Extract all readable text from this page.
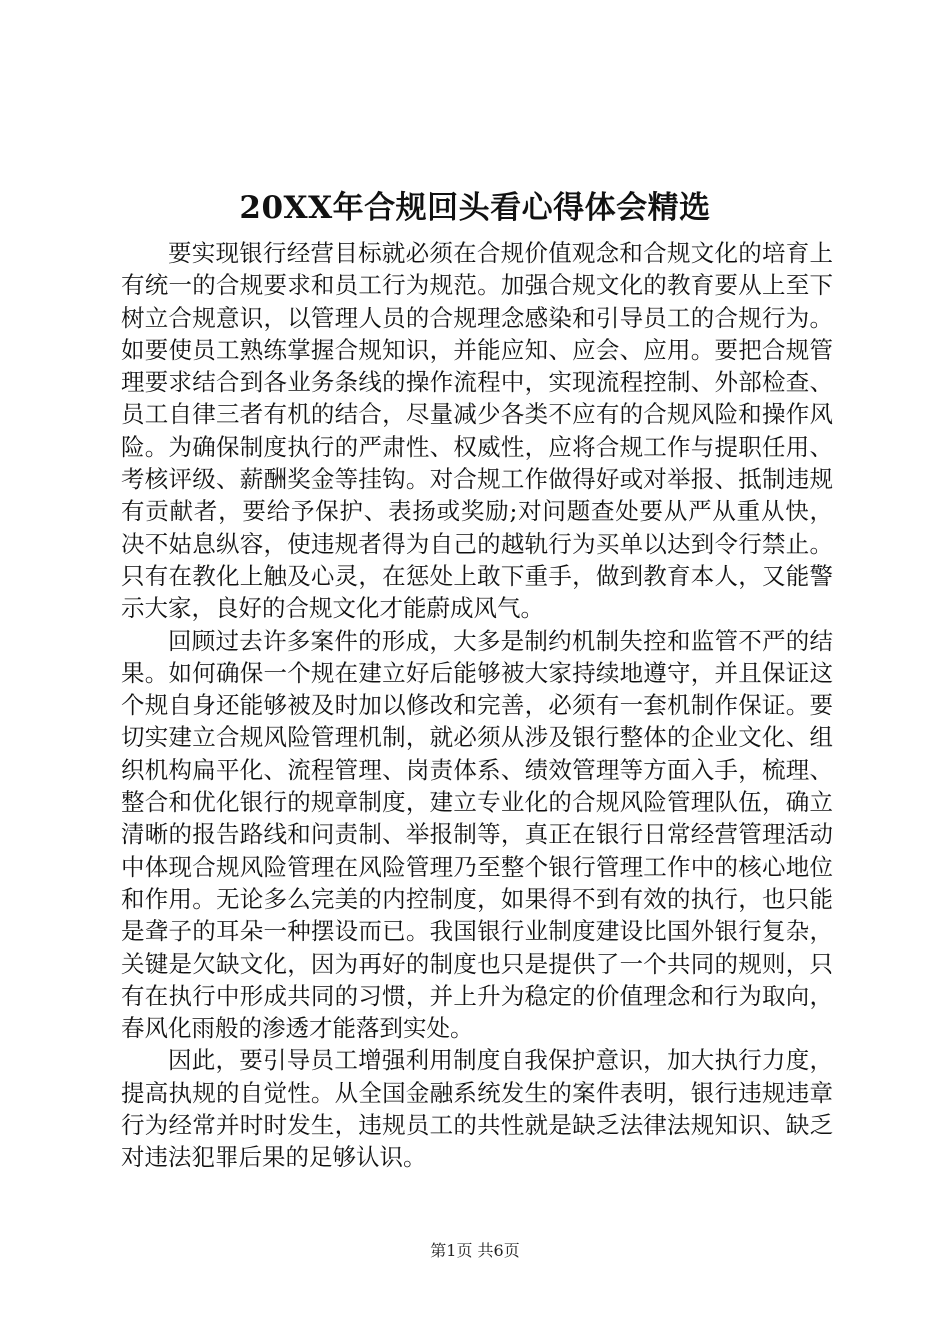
20XX年合规回头看心得体会精选

要实现银行经营目标就必须在合规价值观念和合规文化的培育上有统一的合规要求和员工行为规范。加强合规文化的教育要从上至下树立合规意识，以管理人员的合规理念感染和引导员工的合规行为。如要使员工熟练掌握合规知识，并能应知、应会、应用。要把合规管理要求结合到各业务条线的操作流程中，实现流程控制、外部检查、员工自律三者有机的结合，尽量减少各类不应有的合规风险和操作风险。为确保制度执行的严肃性、权威性，应将合规工作与提职任用、考核评级、薪酬奖金等挂钩。对合规工作做得好或对举报、抵制违规有贡献者，要给予保护、表扬或奖励;对问题查处要从严从重从快，决不姑息纵容，使违规者得为自己的越轨行为买单以达到令行禁止。只有在教化上触及心灵，在惩处上敢下重手，做到教育本人，又能警示大家，良好的合规文化才能蔚成风气。

回顾过去许多案件的形成，大多是制约机制失控和监管不严的结果。如何确保一个规在建立好后能够被大家持续地遵守，并且保证这个规自身还能够被及时加以修改和完善，必须有一套机制作保证。要切实建立合规风险管理机制，就必须从涉及银行整体的企业文化、组织机构扁平化、流程管理、岗责体系、绩效管理等方面入手，梳理、整合和优化银行的规章制度，建立专业化的合规风险管理队伍，确立清晰的报告路线和问责制、举报制等，真正在银行日常经营管理活动中体现合规风险管理在风险管理乃至整个银行管理工作中的核心地位和作用。无论多么完美的内控制度，如果得不到有效的执行，也只能是聋子的耳朵一种摆设而已。我国银行业制度建设比国外银行复杂，关键是欠缺文化，因为再好的制度也只是提供了一个共同的规则，只有在执行中形成共同的习惯，并上升为稳定的价值理念和行为取向，春风化雨般的渗透才能落到实处。

因此，要引导员工增强利用制度自我保护意识，加大执行力度，提高执规的自觉性。从全国金融系统发生的案件表明，银行违规违章行为经常并时时发生，违规员工的共性就是缺乏法律法规知识、缺乏对违法犯罪后果的足够认识。

第1页 共6页
